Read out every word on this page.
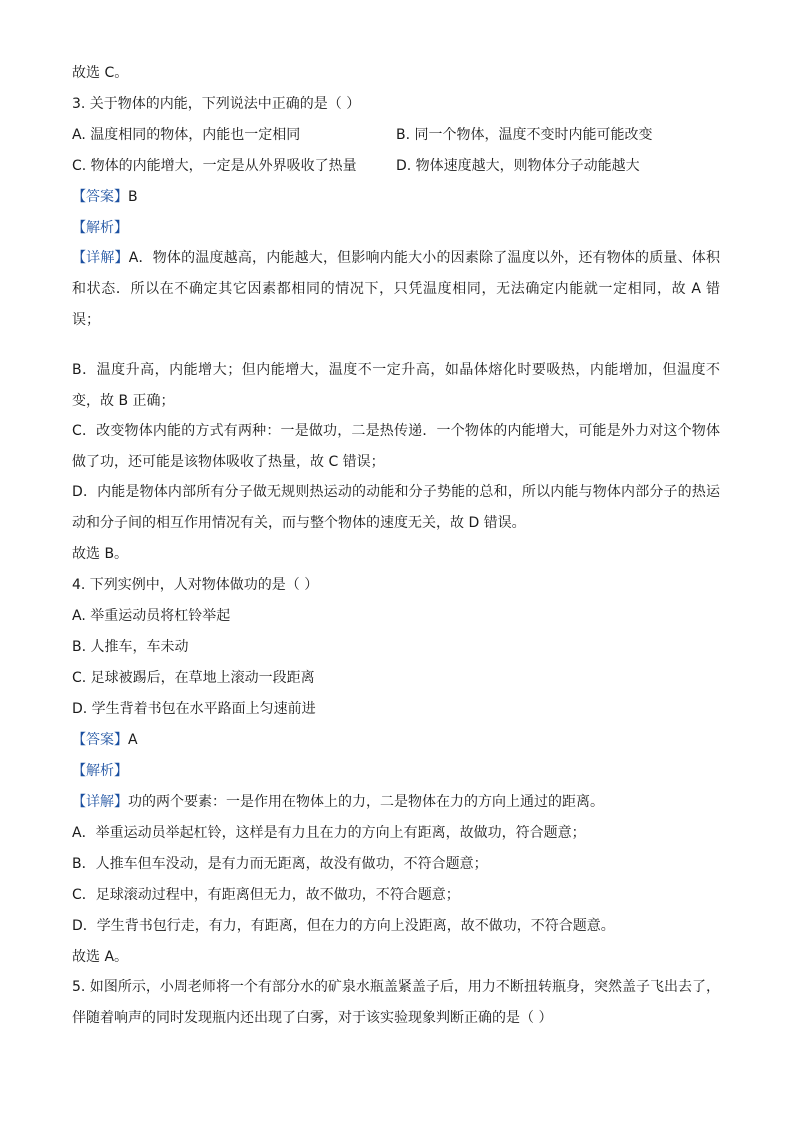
故选 C。
3. 关于物体的内能，下列说法中正确的是（ ）
A. 温度相同的物体，内能也一定相同	B. 同一个物体，温度不变时内能可能改变
C. 物体的内能增大，一定是从外界吸收了热量	D. 物体速度越大，则物体分子动能越大
【答案】B
【解析】
【详解】A．物体的温度越高，内能越大，但影响内能大小的因素除了温度以外，还有物体的质量、体积和状态．所以在不确定其它因素都相同的情况下，只凭温度相同，无法确定内能就一定相同，故 A 错误；
B．温度升高，内能增大；但内能增大，温度不一定升高，如晶体熔化时要吸热，内能增加，但温度不变，故 B 正确；
C．改变物体内能的方式有两种：一是做功，二是热传递．一个物体的内能增大，可能是外力对这个物体做了功，还可能是该物体吸收了热量，故 C 错误；
D．内能是物体内部所有分子做无规则热运动的动能和分子势能的总和，所以内能与物体内部分子的热运动和分子间的相互作用情况有关，而与整个物体的速度无关，故 D 错误。
故选 B。
4. 下列实例中，人对物体做功的是（ ）
A. 举重运动员将杠铃举起
B. 人推车，车未动
C. 足球被踢后，在草地上滚动一段距离
D. 学生背着书包在水平路面上匀速前进
【答案】A
【解析】
【详解】功的两个要素：一是作用在物体上的力，二是物体在力的方向上通过的距离。
A．举重运动员举起杠铃，这样是有力且在力的方向上有距离，故做功，符合题意；
B．人推车但车没动，是有力而无距离，故没有做功，不符合题意；
C．足球滚动过程中，有距离但无力，故不做功，不符合题意；
D．学生背书包行走，有力，有距离，但在力的方向上没距离，故不做功，不符合题意。
故选 A。
5. 如图所示，小周老师将一个有部分水的矿泉水瓶盖紧盖子后，用力不断扭转瓶身，突然盖子飞出去了，伴随着响声的同时发现瓶内还出现了白雾，对于该实验现象判断正确的是（ ）
